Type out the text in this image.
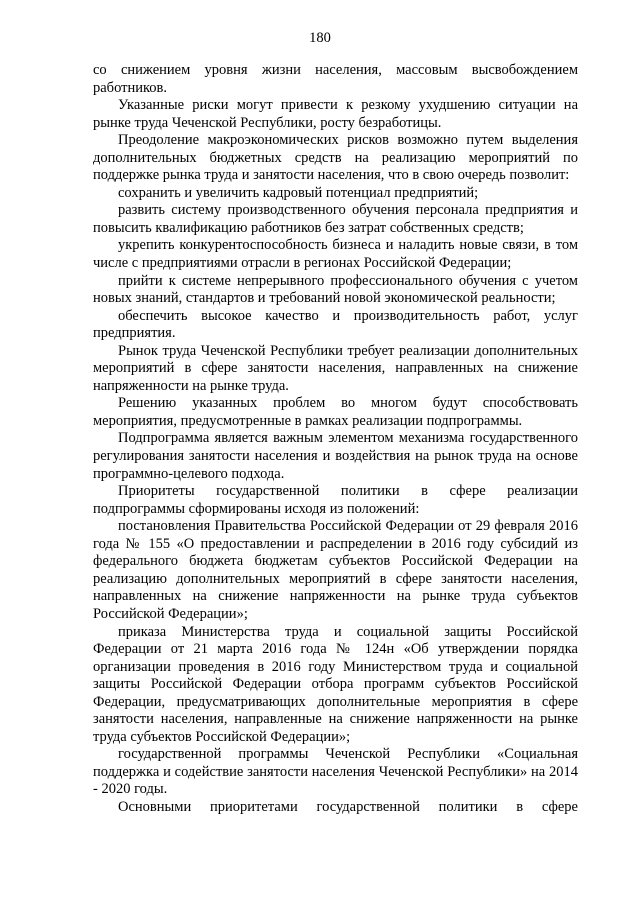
180

со снижением уровня жизни населения, массовым высвобождением работников.

Указанные риски могут привести к резкому ухудшению ситуации на рынке труда Чеченской Республики, росту безработицы.

Преодоление макроэкономических рисков возможно путем выделения дополнительных бюджетных средств на реализацию мероприятий по поддержке рынка труда и занятости населения, что в свою очередь позволит:

сохранить и увеличить кадровый потенциал предприятий;

развить систему производственного обучения персонала предприятия и повысить квалификацию работников без затрат собственных средств;

укрепить конкурентоспособность бизнеса и наладить новые связи, в том числе с предприятиями отрасли в регионах Российской Федерации;

прийти к системе непрерывного профессионального обучения с учетом новых знаний, стандартов и требований новой экономической реальности;

обеспечить высокое качество и производительность работ, услуг предприятия.

Рынок труда Чеченской Республики требует реализации дополнительных мероприятий в сфере занятости населения, направленных на снижение напряженности на рынке труда.

Решению указанных проблем во многом будут способствовать мероприятия, предусмотренные в рамках реализации подпрограммы.

Подпрограмма является важным элементом механизма государственного регулирования занятости населения и воздействия на рынок труда на основе программно-целевого подхода.

Приоритеты государственной политики в сфере реализации подпрограммы сформированы исходя из положений:

постановления Правительства Российской Федерации от 29 февраля 2016 года № 155 «О предоставлении и распределении в 2016 году субсидий из федерального бюджета бюджетам субъектов Российской Федерации на реализацию дополнительных мероприятий в сфере занятости населения, направленных на снижение напряженности на рынке труда субъектов Российской Федерации»;

приказа Министерства труда и социальной защиты Российской Федерации от 21 марта 2016 года № 124н «Об утверждении порядка организации проведения в 2016 году Министерством труда и социальной защиты Российской Федерации отбора программ субъектов Российской Федерации, предусматривающих дополнительные мероприятия в сфере занятости населения, направленные на снижение напряженности на рынке труда субъектов Российской Федерации»;

государственной программы Чеченской Республики «Социальная поддержка и содействие занятости населения Чеченской Республики» на 2014 - 2020 годы.

Основными приоритетами государственной политики в сфере
